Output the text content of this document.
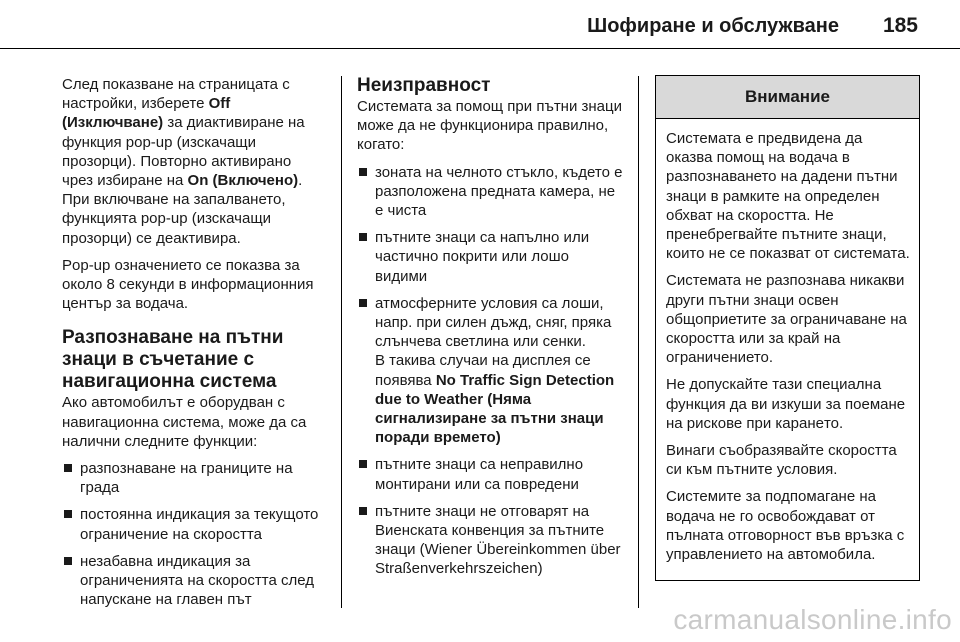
Шофиране и обслужване 185

След показване на страницата с настройки, изберете Off (Изключване) за диактивиране на функция pop-up (изскачащи прозорци). Повторно активирано чрез избиране на On (Включено). При включване на запалването, функцията pop-up (изскачащи прозорци) се деактивира.

Pop-up означението се показва за около 8 секунди в информационния център за водача.

Разпознаване на пътни знаци в съчетание с навигационна система

Ако автомобилът е оборудван с навигационна система, може да са налични следните функции:

разпознаване на границите на града
постоянна индикация за текущото ограничение на скоростта
незабавна индикация за ограниченията на скоростта след напускане на главен път
Неизправност

Системата за помощ при пътни знаци може да не функционира правилно, когато:

зоната на челното стъкло, където е разположена предната камера, не е чиста
пътните знаци са напълно или частично покрити или лошо видими
атмосферните условия са лоши, напр. при силен дъжд, сняг, пряка слънчева светлина или сенки.
В такива случаи на дисплея се появява No Traffic Sign Detection due to Weather (Няма сигнализиране за пътни знаци поради времето)
пътните знаци са неправилно монтирани или са повредени
пътните знаци не отговарят на Виенската конвенция за пътните знаци (Wiener Übereinkommen über Straßenverkehrszeichen)
Внимание

Системата е предвидена да оказва помощ на водача в разпознаването на дадени пътни знаци в рамките на определен обхват на скоростта. Не пренебрегвайте пътните знаци, които не се показват от системата.

Системата не разпознава никакви други пътни знаци освен общоприетите за ограничаване на скоростта или за край на ограничението.

Не допускайте тази специална функция да ви изкуши за поемане на рискове при каранeто.

Винаги съобразявайте скоростта си към пътните условия.

Системите за подпомагане на водача не го освобождават от пълната отговорност във връзка с управлението на автомобила.

carmanualsonline.info
